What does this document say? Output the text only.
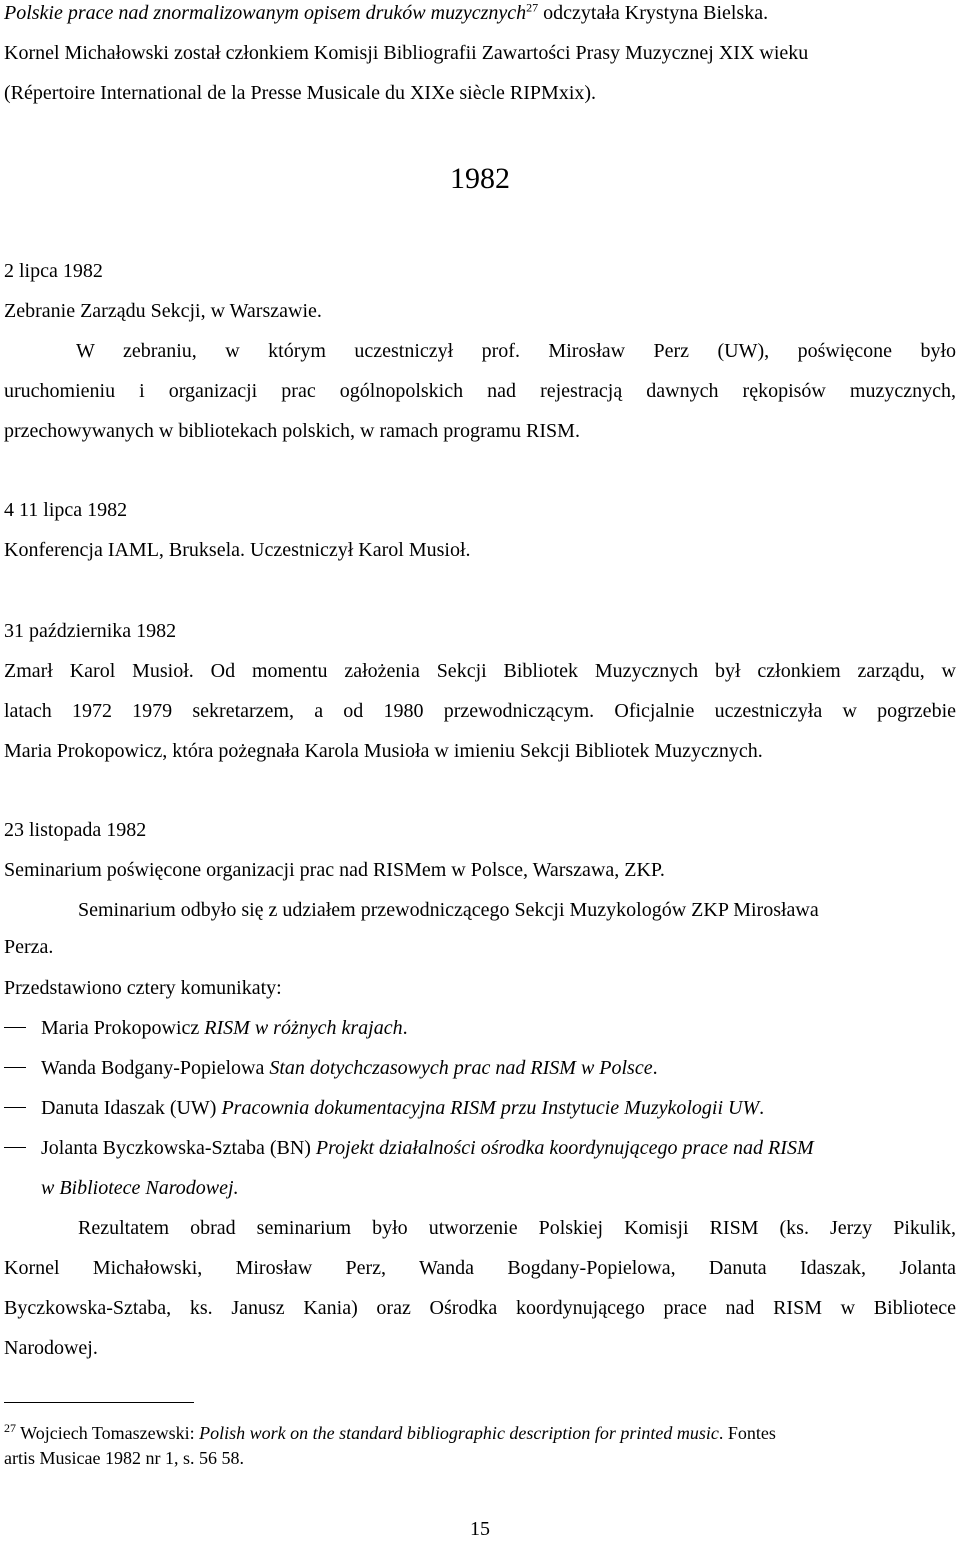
Polskie prace nad znormalizowanym opisem druków muzycznych$^{27}$ odczytała Krystyna Bielska.
Kornel Michałowski został członkiem Komisji Bibliografii Zawartości Prasy Muzycznej XIX wieku
(Répertoire International de la Presse Musicale du XIXe siècle RIPMxix).
1982
2 lipca 1982
Zebranie Zarządu Sekcji, w Warszawie.
W zebraniu, w którym uczestniczył prof. Mirosław Perz (UW), poświęcone było
uruchomieniu i organizacji prac ogólnopolskich nad rejestracją dawnych rękopisów muzycznych,
przechowywanych w bibliotekach polskich, w ramach programu RISM.
4 11 lipca 1982
Konferencja IAML, Bruksela. Uczestniczył Karol Musioł.
31 października 1982
Zmarł Karol Musioł. Od momentu założenia Sekcji Bibliotek Muzycznych był członkiem zarządu, w
latach 1972 1979 sekretarzem, a od 1980 przewodniczącym. Oficjalnie uczestniczyła w pogrzebie
Maria Prokopowicz, która pożegnała Karola Musioła w imieniu Sekcji Bibliotek Muzycznych.
23 listopada 1982
Seminarium poświęcone organizacji prac nad RISMem w Polsce, Warszawa, ZKP.
Seminarium odbyło się z udziałem przewodniczącego Sekcji Muzykologów ZKP Mirosława
Perza.
Przedstawiono cztery komunikaty:
Maria Prokopowicz RISM w różnych krajach.
Wanda Bodgany-Popielowa Stan dotychczasowych prac nad RISM w Polsce.
Danuta Idaszak (UW) Pracownia dokumentacyjna RISM przu Instytucie Muzykologii UW.
Jolanta Byczkowska-Sztaba (BN) Projekt działalności ośrodka koordynującego prace nad RISM
w Bibliotece Narodowej.
Rezultatem obrad seminarium było utworzenie Polskiej Komisji RISM (ks. Jerzy Pikulik,
Kornel Michałowski, Mirosław Perz, Wanda Bogdany-Popielowa, Danuta Idaszak, Jolanta
Byczkowska-Sztaba, ks. Janusz Kania) oraz Ośrodka koordynującego prace nad RISM w Bibliotece
Narodowej.
$^{27}$ Wojciech Tomaszewski: Polish work on the standard bibliographic description for printed music. Fontes
artis Musicae 1982 nr 1, s. 56 58.
15
